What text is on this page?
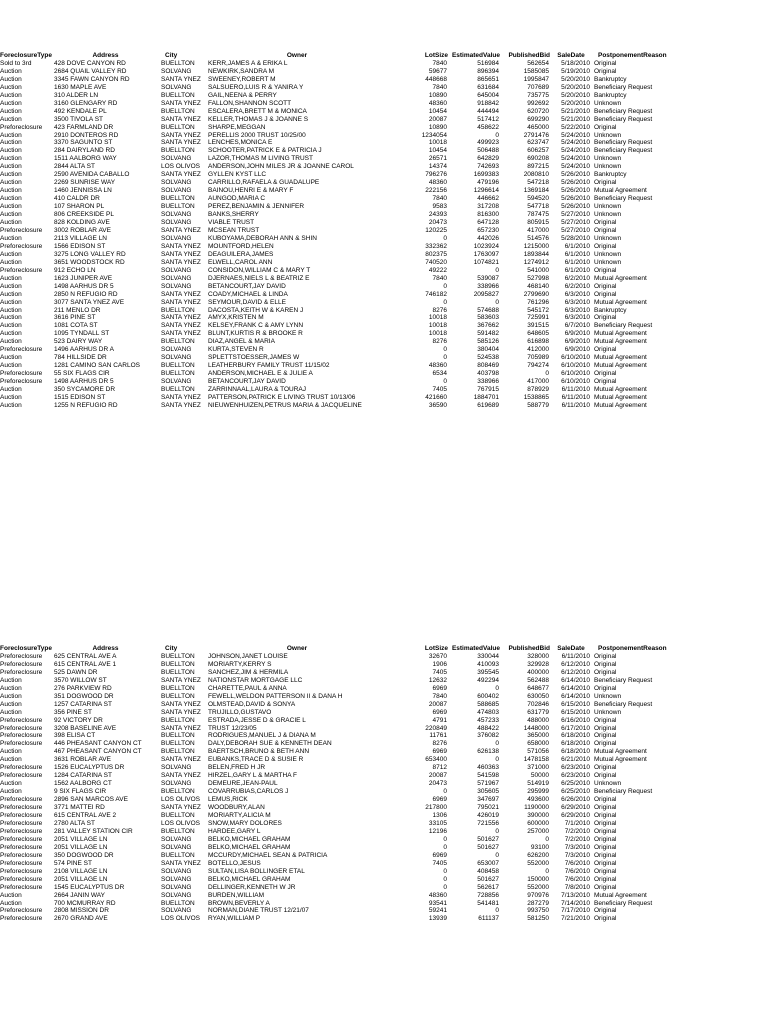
ForeclosureType	Address	City	Owner	LotSize	EstimatedValue	PublishedBid	SaleDate	PostponementReason
Sold to 3rd	428 DOVE CANYON RD	BUELLTON	KERR,JAMES A & ERIKA L	7840	516984	562654	5/18/2010	Original
Auction	2684 QUAIL VALLEY RD	SOLVANG	NEWKIRK,SANDRA M	59677	896394	1585085	5/19/2010	Original
Auction	3345 FAWN CANYON RD	SANTA YNEZ	SWEENEY,ROBERT M	448668	865651	1995847	5/20/2010	Bankruptcy
Auction	1630 MAPLE AVE	SOLVANG	SALSUERO,LUIS R & YANIRA Y	7840	631684	707689	5/20/2010	Beneficiary Request
Auction	310 ALDER LN	BUELLTON	GAIL,NEENA & PERRY	10890	645004	735775	5/20/2010	Bankruptcy
Auction	3160 GLENGARY RD	SANTA YNEZ	FALLON,SHANNON SCOTT	48360	918842	992692	5/20/2010	Unknown
Auction	492 KENDALE PL	BUELLTON	ESCALERA,BRETT M & MONICA	10454	444494	620720	5/21/2010	Beneficiary Request
Auction	3500 TIVOLA ST	SANTA YNEZ	KELLER,THOMAS J & JOANNE S	20087	517412	699290	5/21/2010	Beneficiary Request
Preforeclosure	423 FARMLAND DR	BUELLTON	SHARPE,MEGGAN	10890	458622	465000	5/22/2010	Original
Auction	2910 DONTEROS RD	SANTA YNEZ	PERELLIS 2000 TRUST 10/25/00	1234054	0	2791476	5/24/2010	Unknown
Auction	3370 SAGUNTO ST	SANTA YNEZ	LENCHES,MONICA E	10018	499923	623747	5/24/2010	Beneficiary Request
Auction	284 DAIRYLAND RD	BUELLTON	SCHOOTER,PATRICK E & PATRICIA J	10454	506488	606257	5/24/2010	Beneficiary Request
Auction	1511 AALBORG WAY	SOLVANG	LAZOR,THOMAS M LIVING TRUST	26571	642829	690208	5/24/2010	Unknown
Auction	2844 ALTA ST	LOS OLIVOS	ANDERSON,JOHN MILES JR & JOANNE CAROL	14374	742693	897215	5/24/2010	Unknown
Auction	2590 AVENIDA CABALLO	SANTA YNEZ	GYLLEN KYST LLC	796276	1699383	2080810	5/26/2010	Bankruptcy
Auction	2269 SUNRISE WAY	SOLVANG	CARRILLO,RAFAELA & GUADALUPE	48360	479196	547218	5/26/2010	Original
Auction	1460 JENNISSA LN	SOLVANG	BAINOU,HENRI E & MARY F	222156	1296614	1369184	5/26/2010	Mutual Agreement
Auction	410 CALDR DR	BUELLTON	AUNGOD,MARIA C	7840	446662	594520	5/26/2010	Beneficiary Request
Auction	107 SHARON PL	BUELLTON	PEREZ,BENJAMIN & JENNIFER	9583	317208	547718	5/26/2010	Unknown
Auction	806 CREEKSIDE PL	SOLVANG	BANKS,SHERRY	24393	816300	787475	5/27/2010	Unknown
Auction	828 KOLDING AVE	SOLVANG	VIABLE TRUST	20473	647128	805915	5/27/2010	Original
Preforeclosure	3002 ROBLAR AVE	SANTA YNEZ	MCSEAN TRUST	120225	657230	417000	5/27/2010	Original
Auction	2113 VILLAGE LN	SOLVANG	KUBOYAMA,DEBORAH ANN & SHIN	0	442026	514576	5/28/2010	Unknown
Preforeclosure	1566 EDISON ST	SANTA YNEZ	MOUNTFORD,HELEN	332362	1023924	1215000	6/1/2010	Original
Auction	3275 LONG VALLEY RD	SANTA YNEZ	DEAGUILERA,JAMES	802375	1763097	1893844	6/1/2010	Unknown
Auction	3651 WOODSTOCK RD	SANTA YNEZ	ELWELL,CAROL ANN	740520	1074821	1274912	6/1/2010	Unknown
Preforeclosure	912 ECHO LN	SOLVANG	CONSIDON,WILLIAM C & MARY T	49222	0	541000	6/1/2010	Original
Auction	1623 JUNIPER AVE	SOLVANG	DJERNAES,NIELS L & BEATRIZ E	7840	539087	527998	6/2/2010	Mutual Agreement
Auction	1498 AARHUS DR 5	SOLVANG	BETANCOURT,JAY DAVID	0	338966	468140	6/2/2010	Original
Auction	2850 N REFUGIO RD	SANTA YNEZ	COADY,MICHAEL & LINDA	746182	2095827	2799690	6/3/2010	Original
Auction	3077 SANTA YNEZ AVE	SANTA YNEZ	SEYMOUR,DAVID & ELLE	0	0	761296	6/3/2010	Mutual Agreement
Auction	211 MENLO DR	BUELLTON	DACOSTA,KEITH W & KAREN J	8276	574688	545172	6/3/2010	Bankruptcy
Auction	3616 PINE ST	SANTA YNEZ	AMYX,KRISTEN M	10018	583603	725991	6/3/2010	Original
Auction	1081 COTA ST	SANTA YNEZ	KELSEY,FRANK C & AMY LYNN	10018	367662	391515	6/7/2010	Beneficiary Request
Auction	1095 TYNDALL ST	SANTA YNEZ	BLUNT,KURTIS R & BROOKE R	10018	591482	648605	6/9/2010	Mutual Agreement
Auction	523 DAIRY WAY	BUELLTON	DIAZ,ANGEL & MARIA	8276	585126	616898	6/9/2010	Mutual Agreement
Preforeclosure	1496 AARHUS DR A	SOLVANG	KURTA,STEVEN R	0	380404	412000	6/9/2010	Original
Auction	784 HILLSIDE DR	SOLVANG	SPLETTSTOESSER,JAMES W	0	524538	705989	6/10/2010	Mutual Agreement
Auction	1281 CAMINO SAN CARLOS	BUELLTON	LEATHERBURY FAMILY TRUST 11/15/02	48360	808469	794274	6/10/2010	Mutual Agreement
Preforeclosure	55 SIX FLAGS CIR	BUELLTON	ANDERSON,MICHAEL E & JULIE A	6534	403798	0	6/10/2010	Original
Preforeclosure	1498 AARHUS DR 5	SOLVANG	BETANCOURT,JAY DAVID	0	338966	417000	6/10/2010	Original
Auction	350 SYCAMORE DR	BUELLTON	ZARRINNAAL,LAURA & TOURAJ	7405	767915	878929	6/11/2010	Mutual Agreement
Auction	1515 EDISON ST	SANTA YNEZ	PATTERSON,PATRICK E LIVING TRUST 10/13/06	421660	1884701	1538865	6/11/2010	Mutual Agreement
Auction	1255 N REFUGIO RD	SANTA YNEZ	NIEUWENHUIZEN,PETRUS MARIA & JACQUELINE	36590	619689	588779	6/11/2010	Mutual Agreement
ForeclosureType	Address	City	Owner	LotSize	EstimatedValue	PublishedBid	SaleDate	PostponementReason
Preforeclosure	625 CENTRAL AVE A	BUELLTON	JOHNSON,JANET LOUISE	32670	330044	328000	6/11/2010	Original
Preforeclosure	615 CENTRAL AVE 1	BUELLTON	MORIARTY,KERRY S	1906	410093	329928	6/12/2010	Original
Preforeclosure	525 DAWN DR	BUELLTON	SANCHEZ,JIM & HERMILA	7405	395545	400000	6/12/2010	Original
Auction	3570 WILLOW ST	SANTA YNEZ	NATIONSTAR MORTGAGE LLC	12632	492294	562488	6/14/2010	Beneficiary Request
Auction	276 PARKVIEW RD	BUELLTON	CHARETTE,PAUL & ANNA	6969	0	648677	6/14/2010	Original
Auction	351 DOGWOOD DR	BUELLTON	FEWELL,WELDON PATTERSON II & DANA H	7840	600402	630050	6/14/2010	Unknown
Auction	1257 CATARINA ST	SANTA YNEZ	OLMSTEAD,DAVID & SONYA	20087	588685	702846	6/15/2010	Beneficiary Request
Auction	356 PINE ST	SANTA YNEZ	TRUJILLO,GUSTAVO	6969	474803	631779	6/15/2010	Unknown
Preforeclosure	92 VICTORY DR	BUELLTON	ESTRADA,JESSE D & GRACIE L	4791	457233	488000	6/16/2010	Original
Preforeclosure	3208 BASELINE AVE	SANTA YNEZ	TRUST 12/23/05	220849	488422	1448000	6/17/2010	Original
Preforeclosure	398 ELISA CT	BUELLTON	RODRIGUES,MANUEL J & DIANA M	11761	376082	365000	6/18/2010	Original
Preforeclosure	446 PHEASANT CANYON CT	BUELLTON	DALY,DEBORAH SUE & KENNETH DEAN	8276	0	658000	6/18/2010	Original
Auction	467 PHEASANT CANYON CT	BUELLTON	BAERTSCH,BRUNO & BETH ANN	6969	626138	571056	6/18/2010	Mutual Agreement
Auction	3631 ROBLAR AVE	SANTA YNEZ	EUBANKS,TRACE D & SUSIE R	653400	0	1478158	6/21/2010	Mutual Agreement
Preforeclosure	1526 EUCALYPTUS DR	SOLVANG	BELEN,FRED H JR	8712	460363	371000	6/23/2010	Original
Preforeclosure	1284 CATARINA ST	SANTA YNEZ	HIRZEL,GARY L & MARTHA F	20087	541598	50000	6/23/2010	Original
Auction	1562 AALBORG CT	SOLVANG	DEMEURE,JEAN-PAUL	20473	571967	514919	6/25/2010	Unknown
Auction	9 SIX FLAGS CIR	BUELLTON	COVARRUBIAS,CARLOS J	0	305605	295999	6/25/2010	Beneficiary Request
Preforeclosure	2896 SAN MARCOS AVE	LOS OLIVOS	LEMUS,RICK	6969	347697	493600	6/26/2010	Original
Preforeclosure	3771 MATTEI RD	SANTA YNEZ	WOODBURY,ALAN	217800	795021	1190000	6/29/2010	Original
Preforeclosure	615 CENTRAL AVE 2	BUELLTON	MORIARTY,ALICIA M	1306	426019	390000	6/29/2010	Original
Preforeclosure	2780 ALTA ST	LOS OLIVOS	SNOW,MARY DOLORES	33105	721556	600000	7/1/2010	Original
Preforeclosure	281 VALLEY STATION CIR	BUELLTON	HARDEE,GARY L	12196	0	257000	7/2/2010	Original
Preforeclosure	2051 VILLAGE LN	SOLVANG	BELKO,MICHAEL GRAHAM	0	501627	0	7/2/2010	Original
Preforeclosure	2051 VILLAGE LN	SOLVANG	BELKO,MICHAEL GRAHAM	0	501627	93100	7/3/2010	Original
Preforeclosure	350 DOGWOOD DR	BUELLTON	MCCURDY,MICHAEL SEAN & PATRICIA	6969	0	626200	7/3/2010	Original
Preforeclosure	574 PINE ST	SANTA YNEZ	BOTELLO,JESUS	7405	653007	552000	7/6/2010	Original
Preforeclosure	2108 VILLAGE LN	SOLVANG	SULTAN,LISA BOLLINGER ETAL	0	408458	0	7/6/2010	Original
Preforeclosure	2051 VILLAGE LN	SOLVANG	BELKO,MICHAEL GRAHAM	0	501627	150000	7/6/2010	Original
Preforeclosure	1545 EUCALYPTUS DR	SOLVANG	DELLINGER,KENNETH W JR	0	562617	552000	7/8/2010	Original
Auction	2664 JANIN WAY	SOLVANG	BURDEN,WILLIAM	48360	728856	970976	7/13/2010	Mutual Agreement
Auction	700 MCMURRAY RD	BUELLTON	BROWN,BEVERLY A	93541	541481	287279	7/14/2010	Beneficiary Request
Preforeclosure	2808 MISSION DR	SOLVANG	NORMAN,DIANE TRUST 12/21/07	59241	0	993750	7/17/2010	Original
Preforeclosure	2670 GRAND AVE	LOS OLIVOS	RYAN,WILLIAM P	13939	611137	581250	7/21/2010	Original
